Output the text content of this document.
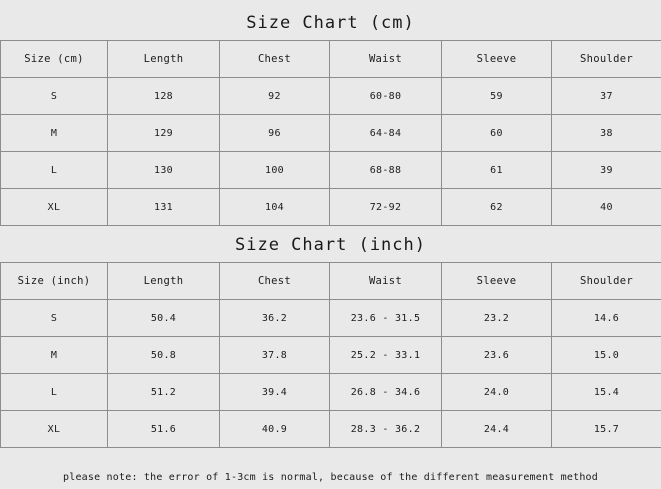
Size Chart (cm)
Size (cm)	Length	Chest	Waist	Sleeve	Shoulder
S	128	92	60-80	59	37
M	129	96	64-84	60	38
L	130	100	68-88	61	39
XL	131	104	72-92	62	40
Size Chart (inch)
Size (inch)	Length	Chest	Waist	Sleeve	Shoulder
S	50.4	36.2	23.6 - 31.5	23.2	14.6
M	50.8	37.8	25.2 - 33.1	23.6	15.0
L	51.2	39.4	26.8 - 34.6	24.0	15.4
XL	51.6	40.9	28.3 - 36.2	24.4	15.7
please note: the error of 1-3cm is normal, because of the different measurement method
